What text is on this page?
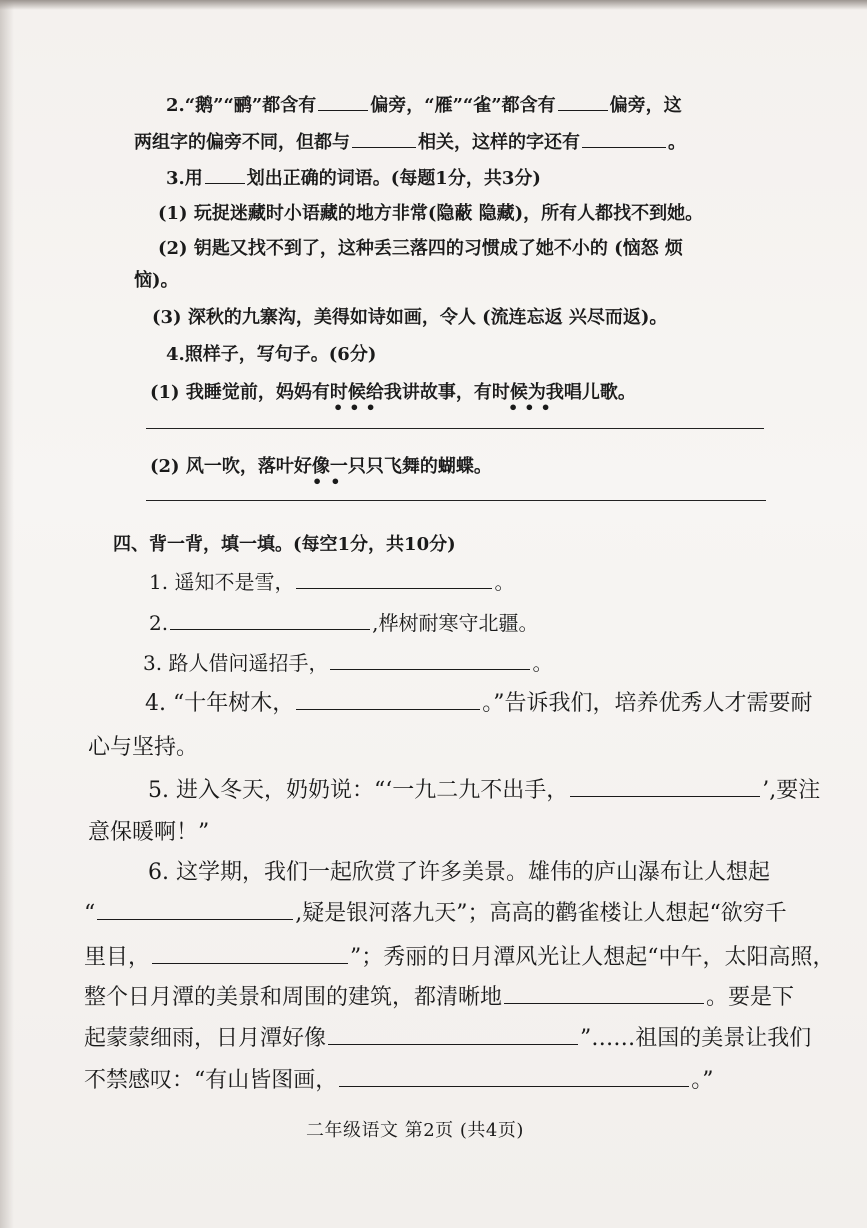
2.“鹅”“鹂”都含有	偏旁，“雁”“雀”都含有	偏旁，这
两组字的偏旁不同，但都与	相关，这样的字还有	。
3.用 划出正确的词语。(每题1分，共3分)
(1) 玩捉迷藏时小语藏的地方非常(隐蔽 隐藏)，所有人都找不到她。
(2) 钥匙又找不到了，这种丢三落四的习惯成了她不小的 (恼怒 烦
恼)。
(3) 深秋的九寨沟，美得如诗如画，令人 (流连忘返 兴尽而返)。
4.照样子，写句子。(6分)
(1) 我睡觉前，妈妈有时候给我讲故事，有时候为我唱儿歌。
•••	•••
(2) 风一吹，落叶好像一只只飞舞的蝴蝶。
••
四、背一背，填一填。(每空1分，共10分)
1. 遥知不是雪，	。
2.	,桦树耐寒守北疆。
3. 路人借问遥招手，	。
4. “十年树木，	。”告诉我们，培养优秀人才需要耐
心与坚持。
5. 进入冬天，奶奶说：“‘一九二九不出手，	’,要注
意保暖啊！”
6. 这学期，我们一起欣赏了许多美景。雄伟的庐山瀑布让人想起
“	,疑是银河落九天”；高高的鹳雀楼让人想起“欲穷千
里目，	”；秀丽的日月潭风光让人想起“中午，太阳高照，
整个日月潭的美景和周围的建筑，都清晰地	。要是下
起蒙蒙细雨，日月潭好像	”……祖国的美景让我们
不禁感叹：“有山皆图画，	。”
二年级语文 第2页 (共4页)
